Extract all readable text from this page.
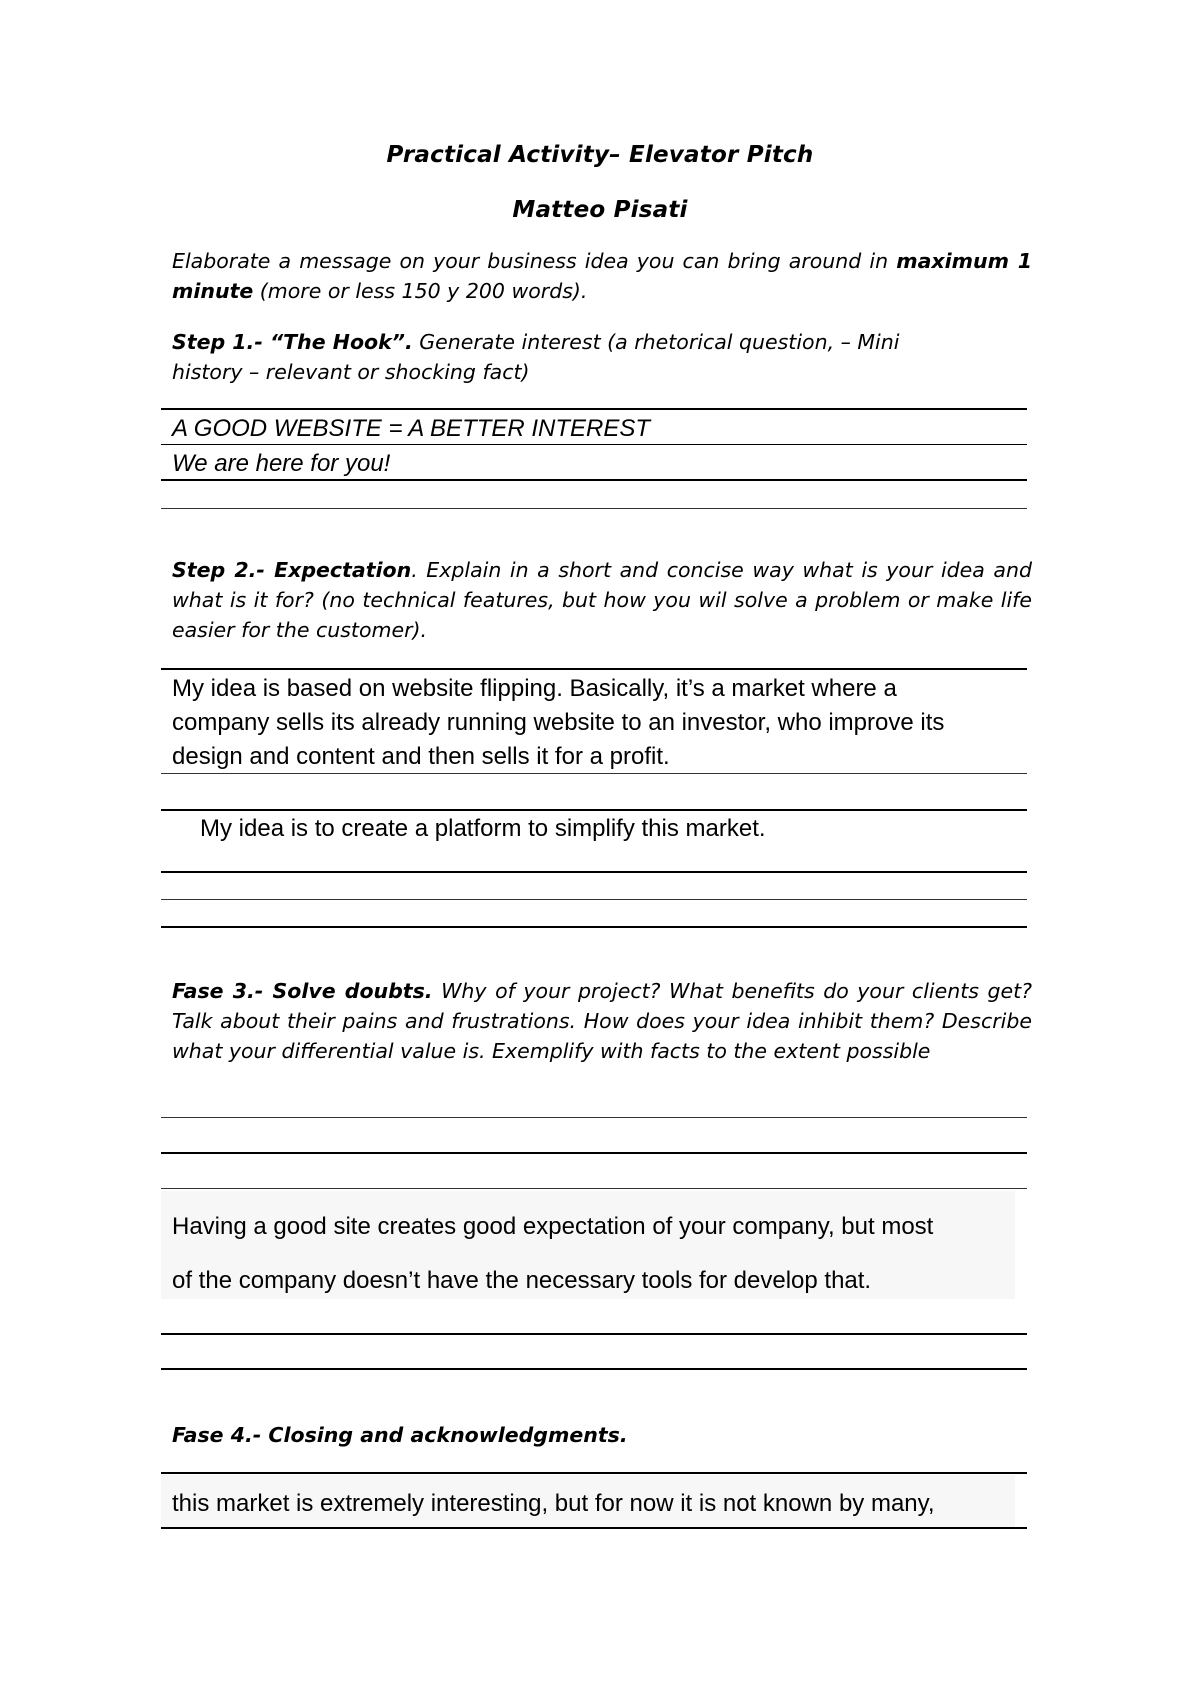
Practical Activity– Elevator Pitch
Matteo Pisati
Elaborate a message on your business idea you can bring around in maximum 1 minute (more or less 150 y 200 words).
Step 1.- “The Hook”. Generate interest (a rhetorical question, – Mini
history – relevant or shocking fact)
A GOOD WEBSITE = A BETTER INTEREST
We are here for you!
Step 2.- Expectation. Explain in a short and concise way what is your idea and what is it for? (no technical features, but how you wil solve a problem or make life easier for the customer).
My idea is based on website flipping. Basically, it’s a market where a
company sells its already running website to an investor, who improve its
design and content and then sells it for a profit.
My idea is to create a platform to simplify this market.
Fase 3.- Solve doubts. Why of your project? What benefits do your clients get? Talk about their pains and frustrations. How does your idea inhibit them? Describe what your differential value is. Exemplify with facts to the extent possible
Having a good site creates good expectation of your company, but most
of the company doesn’t have the necessary tools for develop that.
Fase 4.- Closing and acknowledgments.
this market is extremely interesting, but for now it is not known by many,
